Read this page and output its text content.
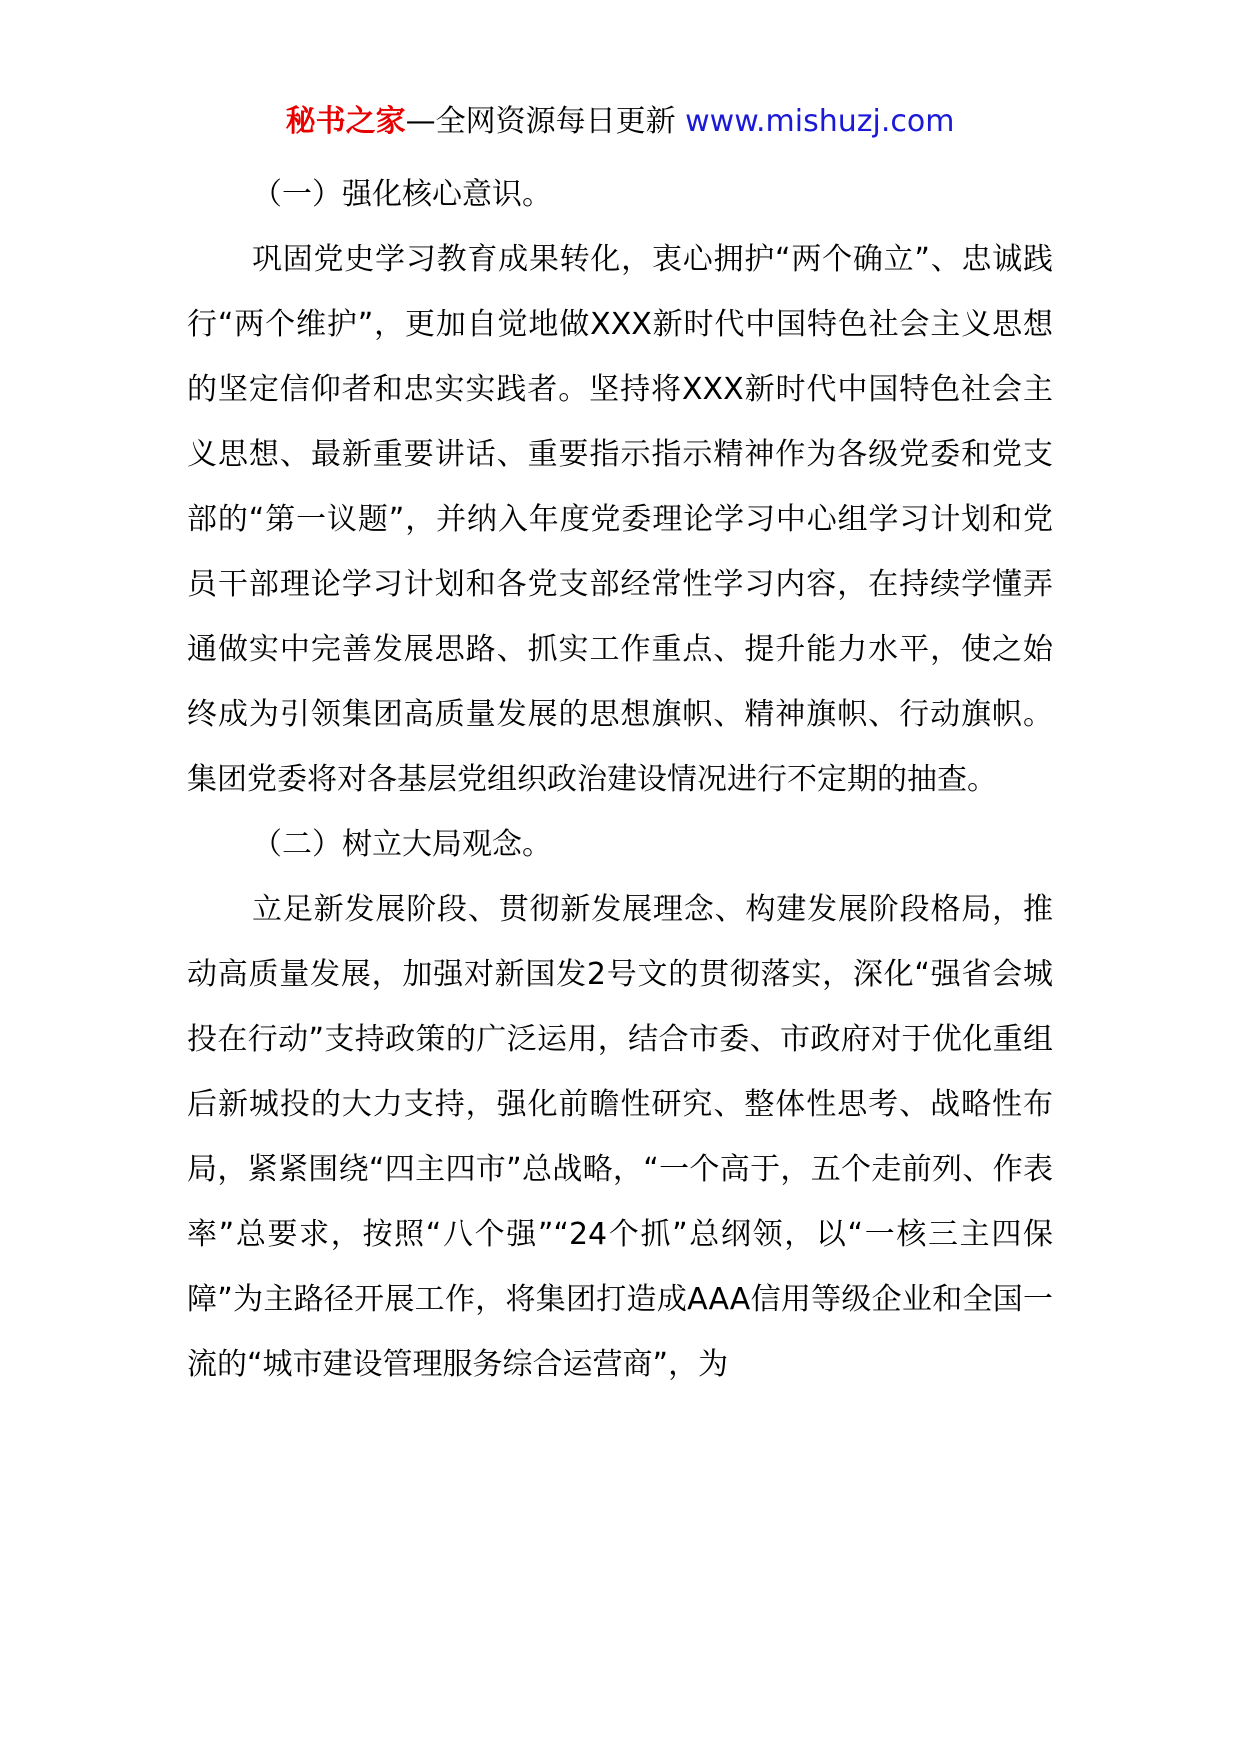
秘书之家—全网资源每日更新 www.mishuzj.com

（一）强化核心意识。

巩固党史学习教育成果转化，衷心拥护“两个确立”、忠诚践行“两个维护”，更加自觉地做XXX新时代中国特色社会主义思想的坚定信仰者和忠实实践者。坚持将XXX新时代中国特色社会主义思想、最新重要讲话、重要指示指示精神作为各级党委和党支部的“第一议题”，并纳入年度党委理论学习中心组学习计划和党员干部理论学习计划和各党支部经常性学习内容，在持续学懂弄通做实中完善发展思路、抓实工作重点、提升能力水平，使之始终成为引领集团高质量发展的思想旗帜、精神旗帜、行动旗帜。集团党委将对各基层党组织政治建设情况进行不定期的抽查。

（二）树立大局观念。

立足新发展阶段、贯彻新发展理念、构建发展阶段格局，推动高质量发展，加强对新国发2号文的贯彻落实，深化“强省会城投在行动”支持政策的广泛运用，结合市委、市政府对于优化重组后新城投的大力支持，强化前瞻性研究、整体性思考、战略性布局，紧紧围绕“四主四市”总战略，“一个高于，五个走前列、作表率”总要求，按照“八个强”“24个抓”总纲领，以“一核三主四保障”为主路径开展工作，将集团打造成AAA信用等级企业和全国一流的“城市建设管理服务综合运营商”，为
